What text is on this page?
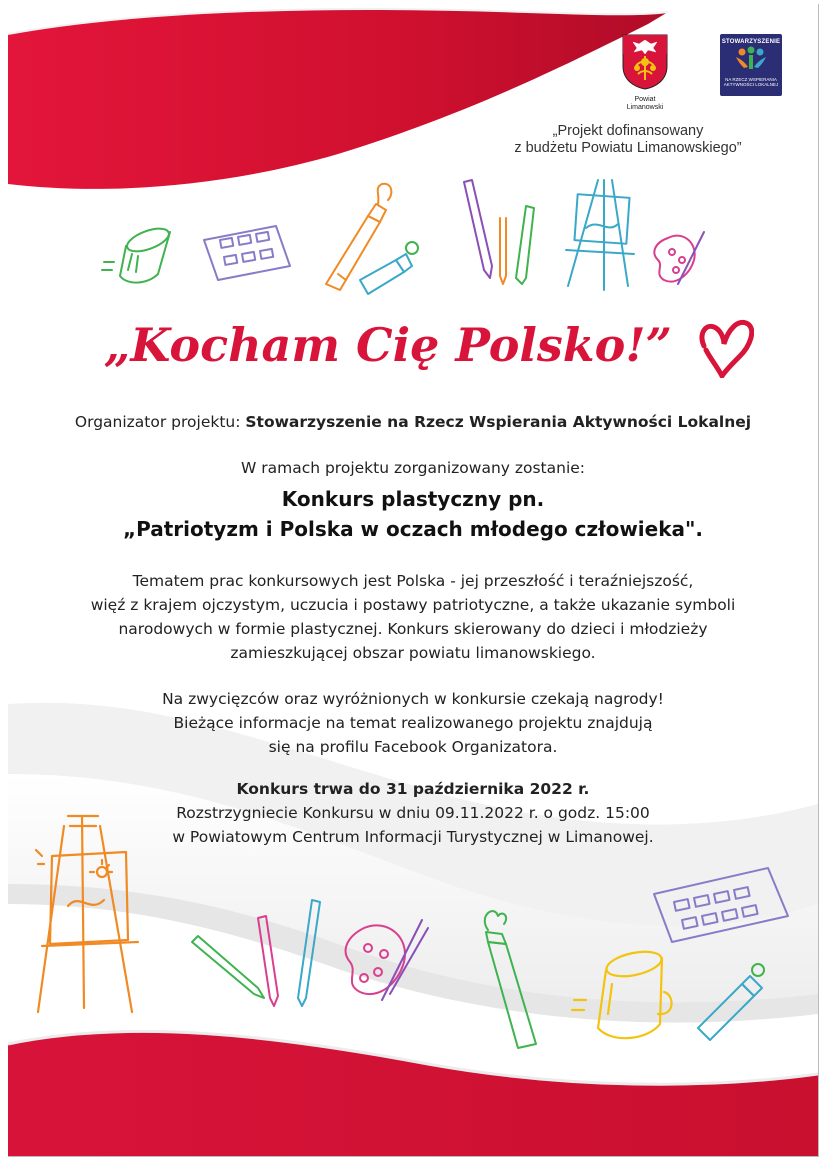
Powiat
Limanowski
STOWARZYSZENIE
NA RZECZ WSPIERANIA
AKTYWNOŚCI LOKALNEJ
„Projekt dofinansowany
z budżetu Powiatu Limanowskiego”
„Kocham Cię Polsko!”
Organizator projektu: Stowarzyszenie na Rzecz Wspierania Aktywności Lokalnej
W ramach projektu zorganizowany zostanie:
Konkurs plastyczny pn.
„Patriotyzm i Polska w oczach młodego człowieka".
Tematem prac konkursowych jest Polska - jej przeszłość i teraźniejszość,
więź z krajem ojczystym, uczucia i postawy patriotyczne, a także ukazanie symboli
narodowych w formie plastycznej. Konkurs skierowany do dzieci i młodzieży
zamieszkującej obszar powiatu limanowskiego.
Na zwycięzców oraz wyróżnionych w konkursie czekają nagrody!
Bieżące informacje na temat realizowanego projektu znajdują
się na profilu Facebook Organizatora.
Konkurs trwa do 31 października 2022 r.
Rozstrzygniecie Konkursu w dniu 09.11.2022 r. o godz. 15:00
w Powiatowym Centrum Informacji Turystycznej w Limanowej.
